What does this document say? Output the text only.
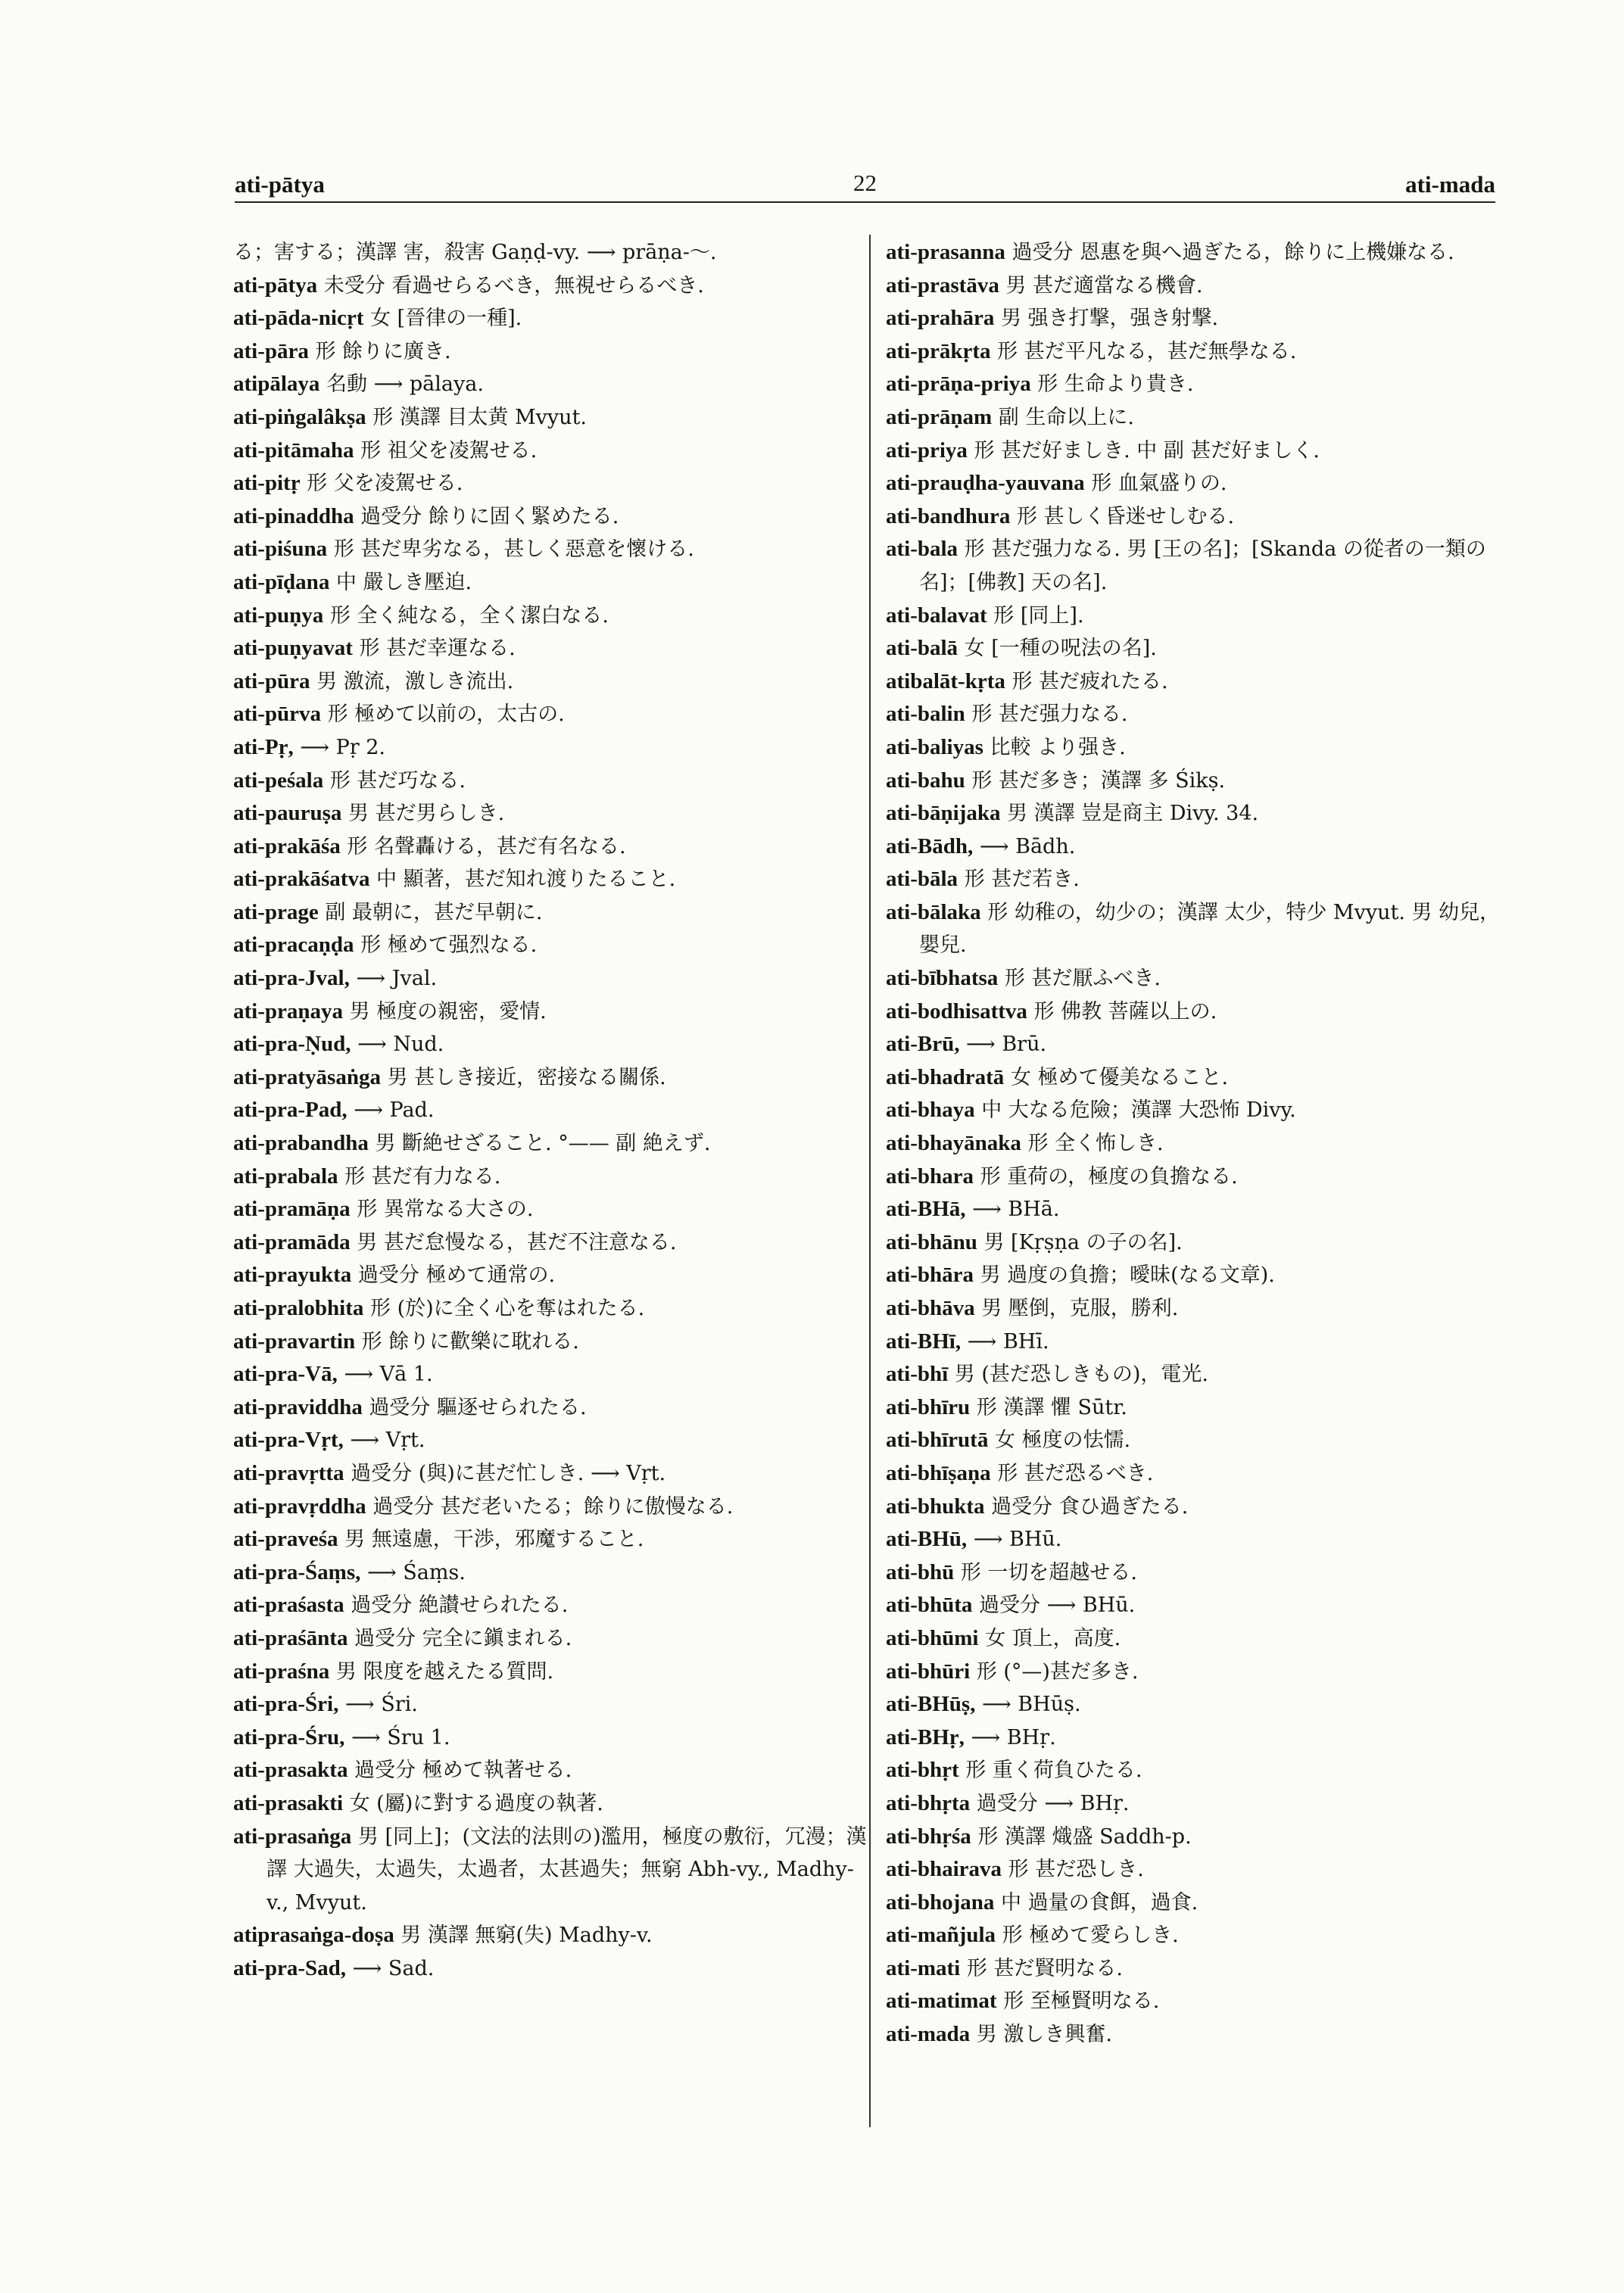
ati-pātya	22	ati-mada
る；害する；漢譯 害，殺害 Gaṇḍ-vy. ⟶ prāṇa-〜.
ati-pātya 未受分 看過せらるべき，無視せらるべき.
ati-pāda-nicṛt 女 [晉律の一種].
ati-pāra 形 餘りに廣き.
atipālaya 名動 ⟶ pālaya.
ati-piṅgalâkṣa 形 漢譯 目太黄 Mvyut.
ati-pitāmaha 形 祖父を凌駕せる.
ati-pitṛ 形 父を凌駕せる.
ati-pinaddha 過受分 餘りに固く緊めたる.
ati-piśuna 形 甚だ卑劣なる，甚しく惡意を懷ける.
ati-pīḍana 中 嚴しき壓迫.
ati-puṇya 形 全く純なる，全く潔白なる.
ati-puṇyavat 形 甚だ幸運なる.
ati-pūra 男 激流，激しき流出.
ati-pūrva 形 極めて以前の，太古の.
ati-Pṛ, ⟶ Pṛ 2.
ati-peśala 形 甚だ巧なる.
ati-pauruṣa 男 甚だ男らしき.
ati-prakāśa 形 名聲轟ける，甚だ有名なる.
ati-prakāśatva 中 顯著，甚だ知れ渡りたること.
ati-prage 副 最朝に，甚だ早朝に.
ati-pracaṇḍa 形 極めて强烈なる.
ati-pra-Jval, ⟶ Jval.
ati-praṇaya 男 極度の親密，愛情.
ati-pra-Ṇud, ⟶ Nud.
ati-pratyāsaṅga 男 甚しき接近，密接なる關係.
ati-pra-Pad, ⟶ Pad.
ati-prabandha 男 斷絶せざること. °—— 副 絶えず.
ati-prabala 形 甚だ有力なる.
ati-pramāṇa 形 異常なる大さの.
ati-pramāda 男 甚だ怠慢なる，甚だ不注意なる.
ati-prayukta 過受分 極めて通常の.
ati-pralobhita 形 (於)に全く心を奪はれたる.
ati-pravartin 形 餘りに歡樂に耽れる.
ati-pra-Vā, ⟶ Vā 1.
ati-praviddha 過受分 驅逐せられたる.
ati-pra-Vṛt, ⟶ Vṛt.
ati-pravṛtta 過受分 (與)に甚だ忙しき. ⟶ Vṛt.
ati-pravṛddha 過受分 甚だ老いたる；餘りに傲慢なる.
ati-praveśa 男 無遠慮，干渉，邪魔すること.
ati-pra-Śaṃs, ⟶ Śaṃs.
ati-praśasta 過受分 絶讃せられたる.
ati-praśānta 過受分 完全に鎭まれる.
ati-praśna 男 限度を越えたる質問.
ati-pra-Śri, ⟶ Śri.
ati-pra-Śru, ⟶ Śru 1.
ati-prasakta 過受分 極めて執著せる.
ati-prasakti 女 (屬)に對する過度の執著.
ati-prasaṅga 男 [同上]；(文法的法則の)濫用，極度の敷衍，冗漫；漢譯 大過失，太過失，太過者，太甚過失；無窮 Abh-vy., Madhy-v., Mvyut.
atiprasaṅga-doṣa 男 漢譯 無窮(失) Madhy-v.
ati-pra-Sad, ⟶ Sad.
ati-prasanna 過受分 恩惠を與へ過ぎたる，餘りに上機嫌なる.
ati-prastāva 男 甚だ適當なる機會.
ati-prahāra 男 强き打撃，强き射撃.
ati-prākṛta 形 甚だ平凡なる，甚だ無學なる.
ati-prāṇa-priya 形 生命より貴き.
ati-prāṇam 副 生命以上に.
ati-priya 形 甚だ好ましき. 中 副 甚だ好ましく.
ati-prauḍha-yauvana 形 血氣盛りの.
ati-bandhura 形 甚しく昏迷せしむる.
ati-bala 形 甚だ强力なる. 男 [王の名]；[Skanda の從者の一類の名]；[佛教] 天の名].
ati-balavat 形 [同上].
ati-balā 女 [一種の呪法の名].
atibalāt-kṛta 形 甚だ疲れたる.
ati-balin 形 甚だ强力なる.
ati-baliyas 比較 より强き.
ati-bahu 形 甚だ多き；漢譯 多 Śikṣ.
ati-bāṇijaka 男 漢譯 豈是商主 Divy. 34.
ati-Bādh, ⟶ Bādh.
ati-bāla 形 甚だ若き.
ati-bālaka 形 幼稚の，幼少の；漢譯 太少，特少 Mvyut. 男 幼兒，嬰兒.
ati-bībhatsa 形 甚だ厭ふべき.
ati-bodhisattva 形 佛教 菩薩以上の.
ati-Brū, ⟶ Brū.
ati-bhadratā 女 極めて優美なること.
ati-bhaya 中 大なる危險；漢譯 大恐怖 Divy.
ati-bhayānaka 形 全く怖しき.
ati-bhara 形 重荷の，極度の負擔なる.
ati-BHā, ⟶ BHā.
ati-bhānu 男 [Kṛṣṇa の子の名].
ati-bhāra 男 過度の負擔；曖昧(なる文章).
ati-bhāva 男 壓倒，克服，勝利.
ati-BHī, ⟶ BHī.
ati-bhī 男 (甚だ恐しきもの)，電光.
ati-bhīru 形 漢譯 懼 Sūtr.
ati-bhīrutā 女 極度の怯懦.
ati-bhīṣaṇa 形 甚だ恐るべき.
ati-bhukta 過受分 食ひ過ぎたる.
ati-BHū, ⟶ BHū.
ati-bhū 形 一切を超越せる.
ati-bhūta 過受分 ⟶ BHū.
ati-bhūmi 女 頂上，高度.
ati-bhūri 形 (°—)甚だ多き.
ati-BHūṣ, ⟶ BHūṣ.
ati-BHṛ, ⟶ BHṛ.
ati-bhṛt 形 重く荷負ひたる.
ati-bhṛta 過受分 ⟶ BHṛ.
ati-bhṛśa 形 漢譯 熾盛 Saddh-p.
ati-bhairava 形 甚だ恐しき.
ati-bhojana 中 過量の食餌，過食.
ati-mañjula 形 極めて愛らしき.
ati-mati 形 甚だ賢明なる.
ati-matimat 形 至極賢明なる.
ati-mada 男 激しき興奮.
